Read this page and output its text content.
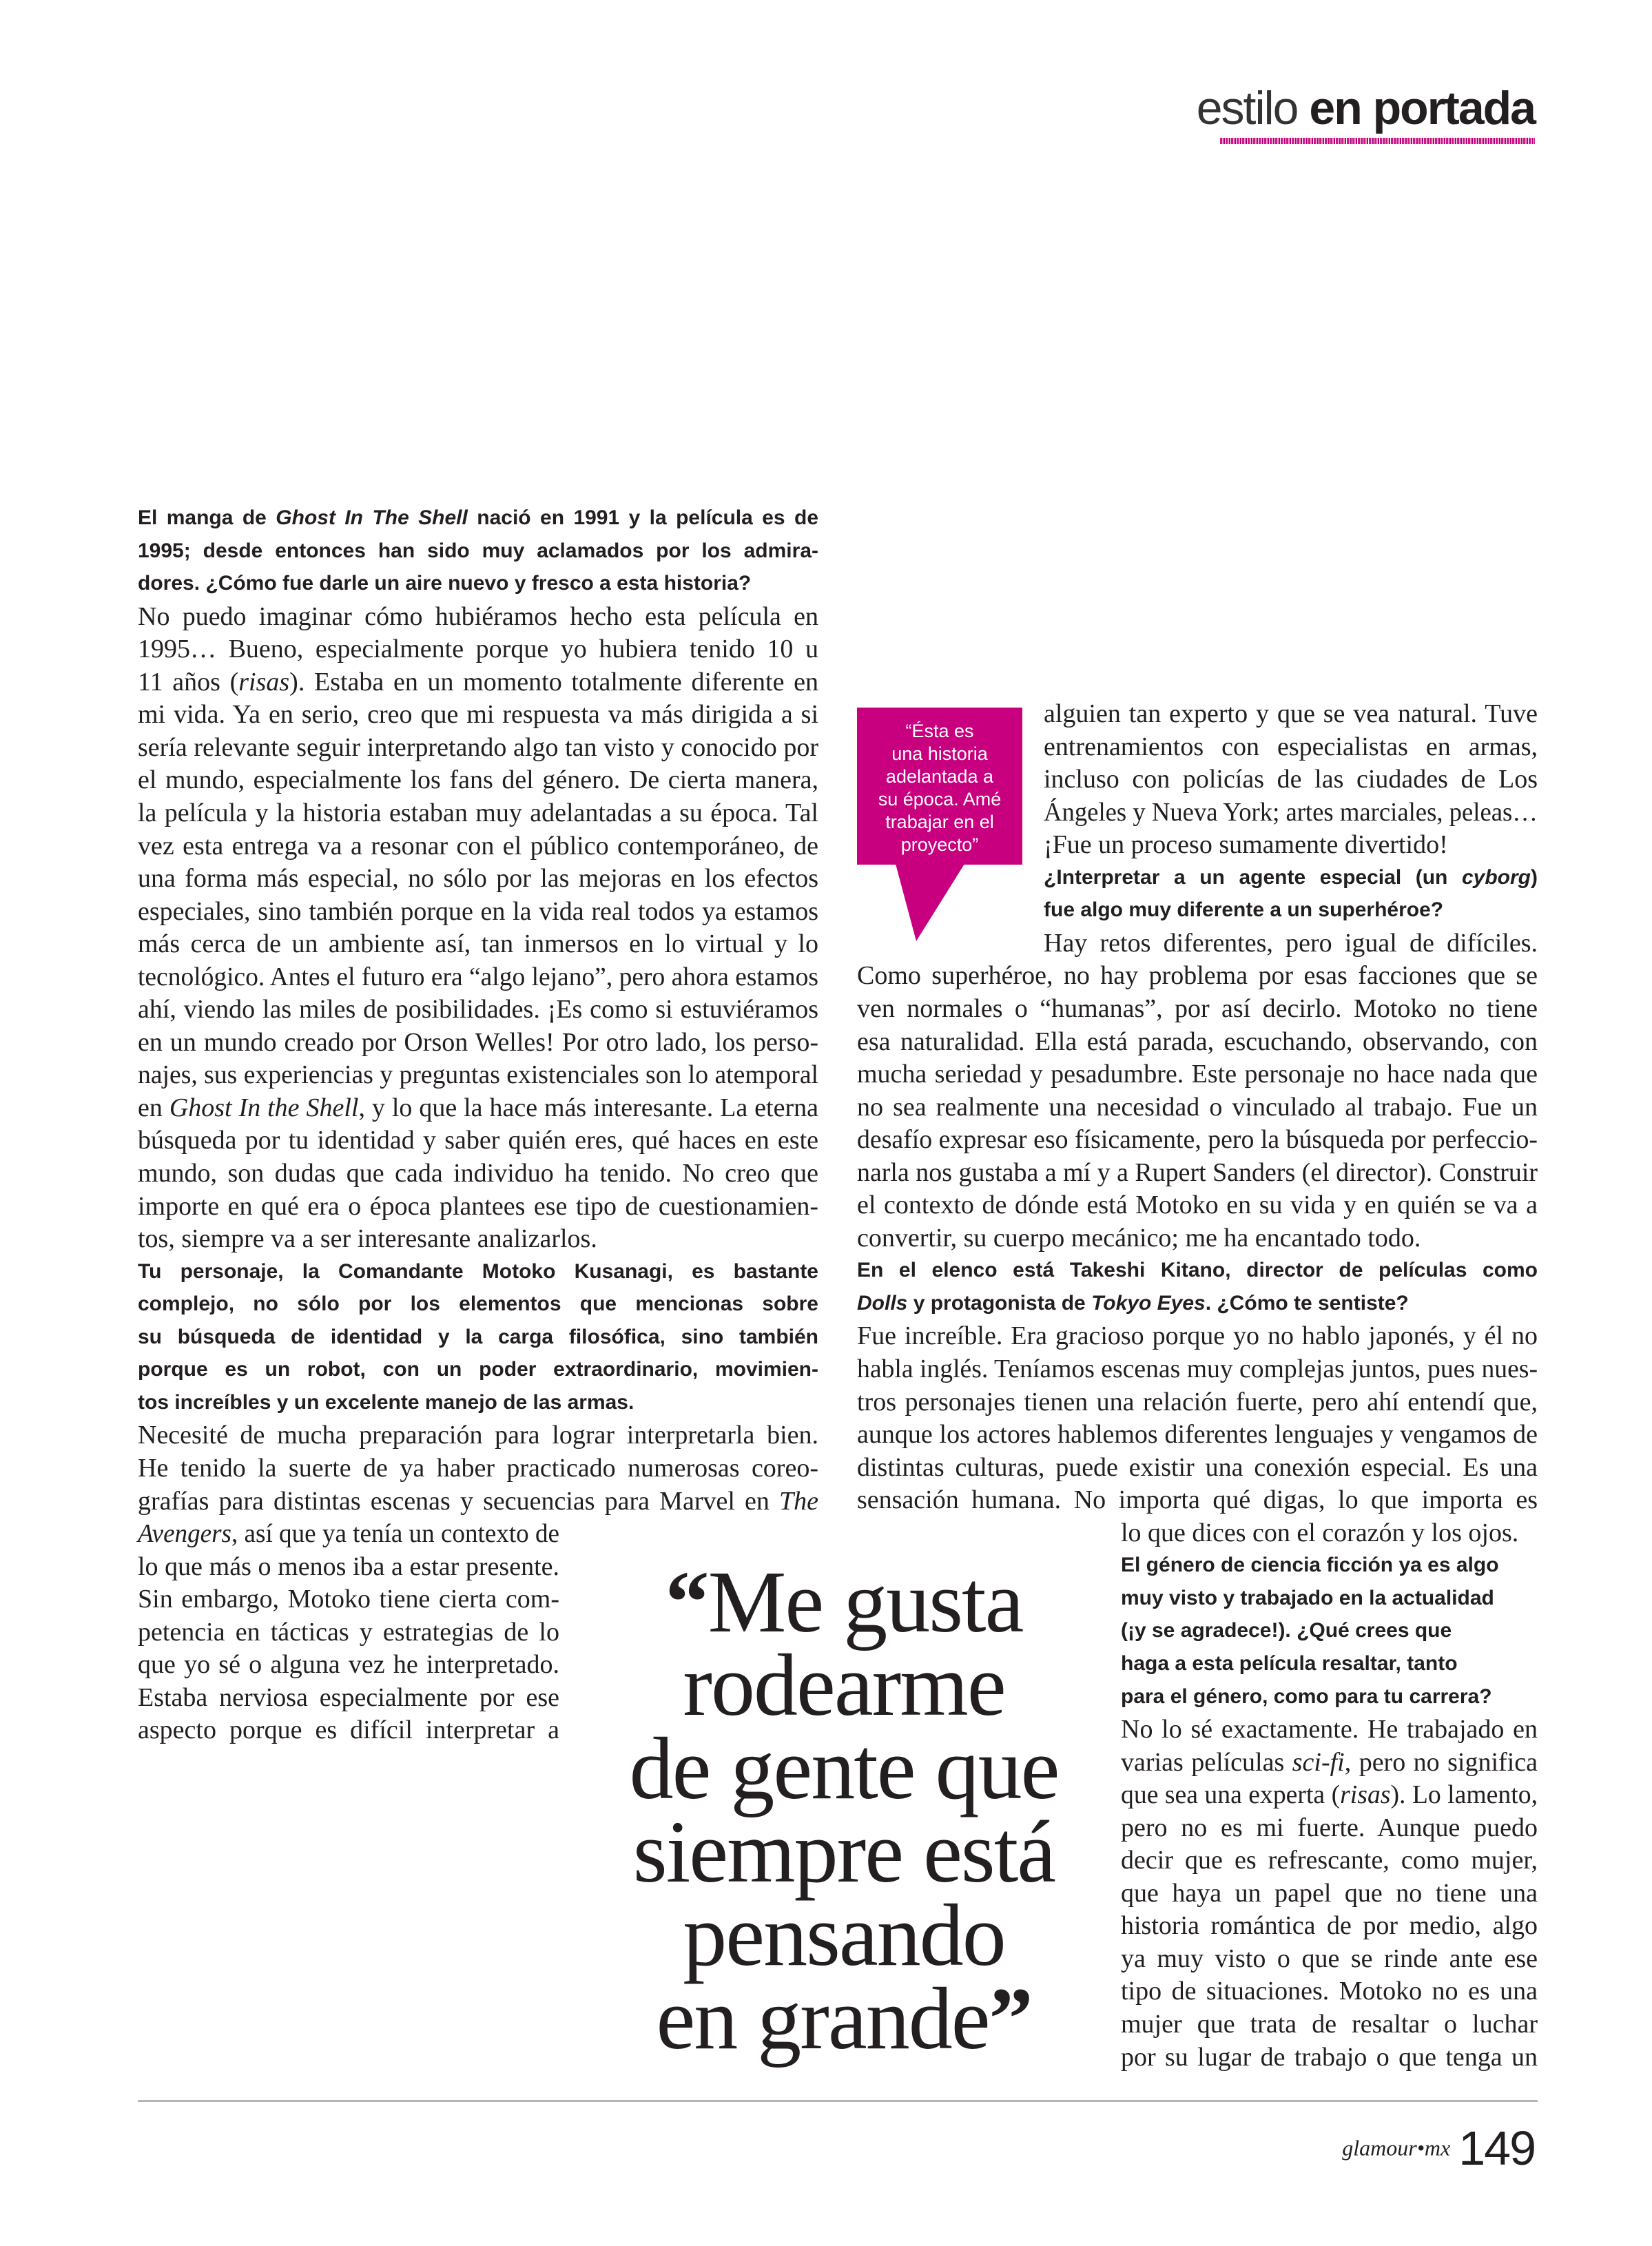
estilo en portada
El manga de Ghost In The Shell nació en 1991 y la película es de
1995; desde entonces han sido muy aclamados por los admira-
dores. ¿Cómo fue darle un aire nuevo y fresco a esta historia?
No puedo imaginar cómo hubiéramos hecho esta película en
1995… Bueno, especialmente porque yo hubiera tenido 10 u
11 años (risas). Estaba en un momento totalmente diferente en
mi vida. Ya en serio, creo que mi respuesta va más dirigida a si
sería relevante seguir interpretando algo tan visto y conocido por
el mundo, especialmente los fans del género. De cierta manera,
la película y la historia estaban muy adelantadas a su época. Tal
vez esta entrega va a resonar con el público contemporáneo, de
una forma más especial, no sólo por las mejoras en los efectos
especiales, sino también porque en la vida real todos ya estamos
más cerca de un ambiente así, tan inmersos en lo virtual y lo
tecnológico. Antes el futuro era “algo lejano”, pero ahora estamos
ahí, viendo las miles de posibilidades. ¡Es como si estuviéramos
en un mundo creado por Orson Welles! Por otro lado, los perso-
najes, sus experiencias y preguntas existenciales son lo atemporal
en Ghost In the Shell, y lo que la hace más interesante. La eterna
búsqueda por tu identidad y saber quién eres, qué haces en este
mundo, son dudas que cada individuo ha tenido. No creo que
importe en qué era o época plantees ese tipo de cuestionamien-
tos, siempre va a ser interesante analizarlos.
Tu personaje, la Comandante Motoko Kusanagi, es bastante
complejo, no sólo por los elementos que mencionas sobre
su búsqueda de identidad y la carga filosófica, sino también
porque es un robot, con un poder extraordinario, movimien-
tos increíbles y un excelente manejo de las armas.
Necesité de mucha preparación para lograr interpretarla bien.
He tenido la suerte de ya haber practicado numerosas coreo-
grafías para distintas escenas y secuencias para Marvel en The
Avengers, así que ya tenía un contexto de
lo que más o menos iba a estar presente.
Sin embargo, Motoko tiene cierta com-
petencia en tácticas y estrategias de lo
que yo sé o alguna vez he interpretado.
Estaba nerviosa especialmente por ese
aspecto porque es difícil interpretar a
alguien tan experto y que se vea natural. Tuve
entrenamientos con especialistas en armas,
incluso con policías de las ciudades de Los
Ángeles y Nueva York; artes marciales, peleas…
¡Fue un proceso sumamente divertido!
¿Interpretar a un agente especial (un cyborg)
fue algo muy diferente a un superhéroe?
Hay retos diferentes, pero igual de difíciles.
Como superhéroe, no hay problema por esas facciones que se
ven normales o “humanas”, por así decirlo. Motoko no tiene
esa naturalidad. Ella está parada, escuchando, observando, con
mucha seriedad y pesadumbre. Este personaje no hace nada que
no sea realmente una necesidad o vinculado al trabajo. Fue un
desafío expresar eso físicamente, pero la búsqueda por perfeccio-
narla nos gustaba a mí y a Rupert Sanders (el director). Construir
el contexto de dónde está Motoko en su vida y en quién se va a
convertir, su cuerpo mecánico; me ha encantado todo.
En el elenco está Takeshi Kitano, director de películas como
Dolls y protagonista de Tokyo Eyes. ¿Cómo te sentiste?
Fue increíble. Era gracioso porque yo no hablo japonés, y él no
habla inglés. Teníamos escenas muy complejas juntos, pues nues-
tros personajes tienen una relación fuerte, pero ahí entendí que,
aunque los actores hablemos diferentes lenguajes y vengamos de
distintas culturas, puede existir una conexión especial. Es una
sensación humana. No importa qué digas, lo que importa es
lo que dices con el corazón y los ojos.
El género de ciencia ficción ya es algo
muy visto y trabajado en la actualidad
(¡y se agradece!). ¿Qué crees que
haga a esta película resaltar, tanto
para el género, como para tu carrera?
No lo sé exactamente. He trabajado en
varias películas sci-fi, pero no significa
que sea una experta (risas). Lo lamento,
pero no es mi fuerte. Aunque puedo
decir que es refrescante, como mujer,
que haya un papel que no tiene una
historia romántica de por medio, algo
ya muy visto o que se rinde ante ese
tipo de situaciones. Motoko no es una
mujer que trata de resaltar o luchar
por su lugar de trabajo o que tenga un
“Ésta es
una historia
adelantada a
su época. Amé
trabajar en el
proyecto”
“Me gusta
rodearme
de gente que
siempre está
pensando
en grande”
glamour•mx 149
